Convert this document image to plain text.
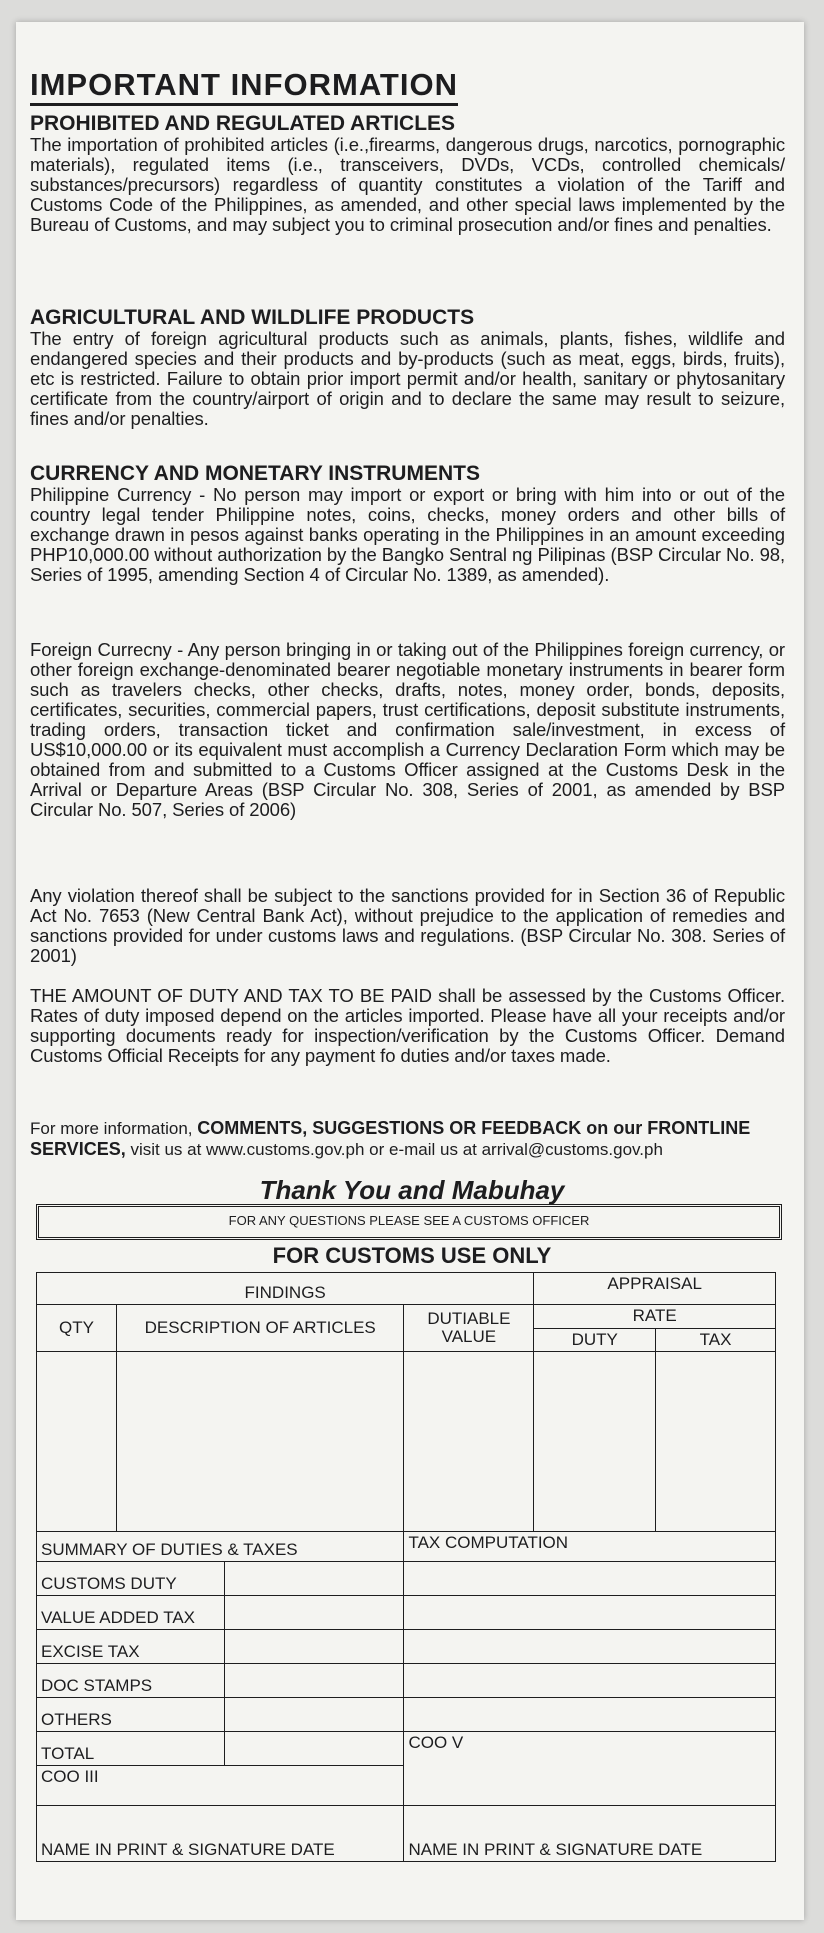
IMPORTANT INFORMATION

PROHIBITED AND REGULATED ARTICLES

The importation of prohibited articles (i.e.,firearms, dangerous drugs, narcotics, pornographic materials), regulated items (i.e., transceivers, DVDs, VCDs, controlled chemicals/ substances/precursors) regardless of quantity constitutes a violation of the Tariff and Customs Code of the Philippines, as amended, and other special laws implemented by the Bureau of Customs, and may subject you to criminal prosecution and/or fines and penalties.

AGRICULTURAL AND WILDLIFE PRODUCTS

The entry of foreign agricultural products such as animals, plants, fishes, wildlife and endangered species and their products and by-products (such as meat, eggs, birds, fruits), etc is restricted. Failure to obtain prior import permit and/or health, sanitary or phytosanitary certificate from the country/airport of origin and to declare the same may result to seizure, fines and/or penalties.

CURRENCY AND MONETARY INSTRUMENTS

Philippine Currency - No person may import or export or bring with him into or out of the country legal tender Philippine notes, coins, checks, money orders and other bills of exchange drawn in pesos against banks operating in the Philippines in an amount exceeding PHP10,000.00 without authorization by the Bangko Sentral ng Pilipinas (BSP Circular No. 98, Series of 1995, amending Section 4 of Circular No. 1389, as amended).

Foreign Currecny - Any person bringing in or taking out of the Philippines foreign currency, or other foreign exchange-denominated bearer negotiable monetary instruments in bearer form such as travelers checks, other checks, drafts, notes, money order, bonds, deposits, certificates, securities, commercial papers, trust certifications, deposit substitute instruments, trading orders, transaction ticket and confirmation sale/investment, in excess of US$10,000.00 or its equivalent must accomplish a Currency Declaration Form which may be obtained from and submitted to a Customs Officer assigned at the Customs Desk in the Arrival or Departure Areas (BSP Circular No. 308, Series of 2001, as amended by BSP Circular No. 507, Series of 2006)

Any violation thereof shall be subject to the sanctions provided for in Section 36 of Republic Act No. 7653 (New Central Bank Act), without prejudice to the application of remedies and sanctions provided for under customs laws and regulations. (BSP Circular No. 308. Series of 2001)

THE AMOUNT OF DUTY AND TAX TO BE PAID shall be assessed by the Customs Officer. Rates of duty imposed depend on the articles imported. Please have all your receipts and/or supporting documents ready for inspection/verification by the Customs Officer. Demand Customs Official Receipts for any payment fo duties and/or taxes made.

For more information, COMMENTS, SUGGESTIONS OR FEEDBACK on our FRONTLINE SERVICES, visit us at www.customs.gov.ph or e-mail us at arrival@customs.gov.ph
Thank You and Mabuhay
FOR ANY QUESTIONS PLEASE SEE A CUSTOMS OFFICER
FOR CUSTOMS USE ONLY
FINDINGS				APPRAISAL	
QTY	DESCRIPTION OF ARTICLES		DUTIABLE VALUE	RATE	
				DUTY	TAX

SUMMARY OF DUTIES & TAXES			TAX COMPUTATION		
CUSTOMS DUTY					
VALUE ADDED TAX					
EXCISE TAX					
DOC STAMPS					
OTHERS					
TOTAL			COO V		
COO III					
NAME IN PRINT & SIGNATURE DATE			NAME IN PRINT & SIGNATURE DATE		
